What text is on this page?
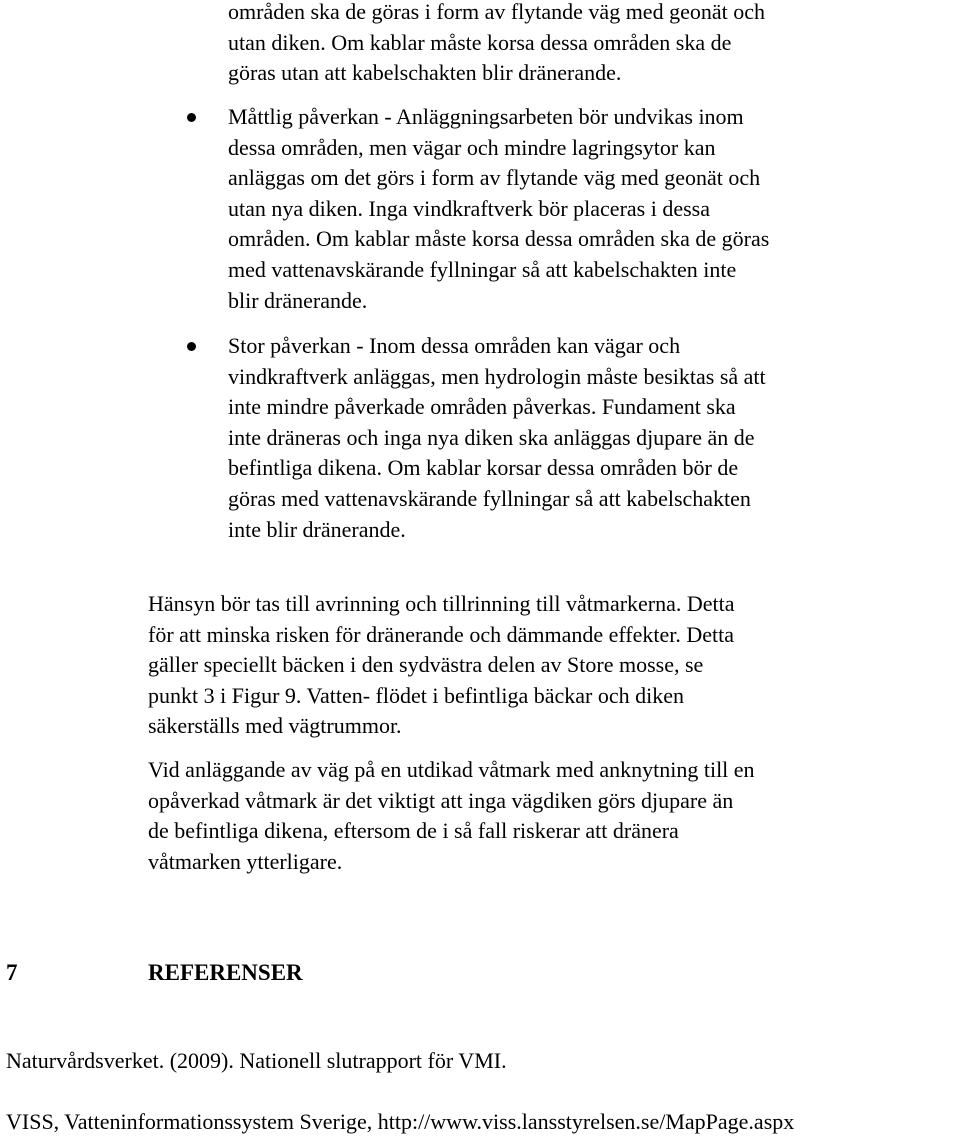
områden ska de göras i form av flytande väg med geonät och
utan diken. Om kablar måste korsa dessa områden ska de
göras utan att kabelschakten blir dränerande.
Måttlig påverkan - Anläggningsarbeten bör undvikas inom
dessa områden, men vägar och mindre lagringsytor kan
anläggas om det görs i form av flytande väg med geonät och
utan nya diken. Inga vindkraftverk bör placeras i dessa
områden. Om kablar måste korsa dessa områden ska de göras
med vattenavskärande fyllningar så att kabelschakten inte
blir dränerande.
Stor påverkan - Inom dessa områden kan vägar och
vindkraftverk anläggas, men hydrologin måste besiktas så att
inte mindre påverkade områden påverkas. Fundament ska
inte dräneras och inga nya diken ska anläggas djupare än de
befintliga dikena. Om kablar korsar dessa områden bör de
göras med vattenavskärande fyllningar så att kabelschakten
inte blir dränerande.
Hänsyn bör tas till avrinning och tillrinning till våtmarkerna. Detta
för att minska risken för dränerande och dämmande effekter. Detta
gäller speciellt bäcken i den sydvästra delen av Store mosse, se
punkt 3 i Figur 9. Vatten- flödet i befintliga bäckar och diken
säkerställs med vägtrummor.
Vid anläggande av väg på en utdikad våtmark med anknytning till en
opåverkad våtmark är det viktigt att inga vägdiken görs djupare än
de befintliga dikena, eftersom de i så fall riskerar att dränera
våtmarken ytterligare.
7	REFERENSER
Naturvårdsverket. (2009). Nationell slutrapport för VMI.
VISS, Vatteninformationssystem Sverige, http://www.viss.lansstyrelsen.se/MapPage.aspx
